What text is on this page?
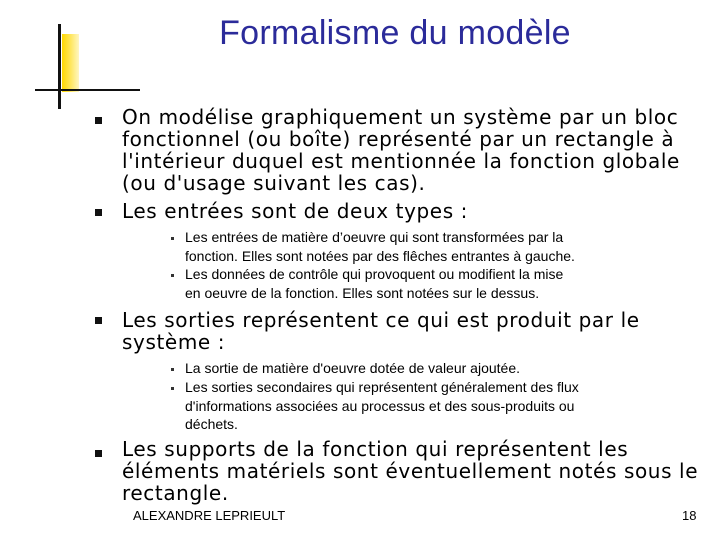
Formalisme du modèle
On modélise graphiquement un système par un bloc
fonctionnel (ou boîte) représenté par un rectangle à
l'intérieur duquel est mentionnée la fonction globale
(ou d'usage suivant les cas).
Les entrées sont de deux types :
Les entrées de matière d’oeuvre qui sont transformées par la
fonction. Elles sont notées par des flêches entrantes à gauche.
Les données de contrôle qui provoquent ou modifient la mise
en oeuvre de la fonction. Elles sont notées sur le dessus.
Les sorties représentent ce qui est produit par le
système :
La sortie de matière d'oeuvre dotée de valeur ajoutée.
Les sorties secondaires qui représentent généralement des flux
d'informations associées au processus et des sous-produits ou
déchets.
Les supports de la fonction qui représentent les
éléments matériels sont éventuellement notés sous le
rectangle.
ALEXANDRE LEPRIEULT	18
